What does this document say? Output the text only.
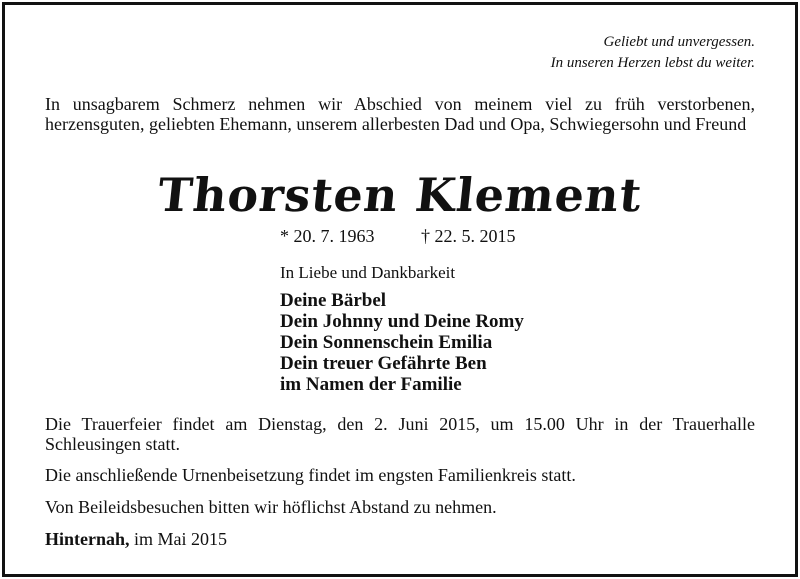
Geliebt und unvergessen.
In unseren Herzen lebst du weiter.
In unsagbarem Schmerz nehmen wir Abschied von meinem viel zu früh verstorbenen, herzensguten, geliebten Ehemann, unserem allerbesten Dad und Opa, Schwiegersohn und Freund
Thorsten Klement
* 20. 7. 1963	† 22. 5. 2015
In Liebe und Dankbarkeit
Deine Bärbel
Dein Johnny und Deine Romy
Dein Sonnenschein Emilia
Dein treuer Gefährte Ben
im Namen der Familie
Die Trauerfeier findet am Dienstag, den 2. Juni 2015, um 15.00 Uhr in der Trauerhalle Schleusingen statt.
Die anschließende Urnenbeisetzung findet im engsten Familienkreis statt.
Von Beileidsbesuchen bitten wir höflichst Abstand zu nehmen.
Hinternah, im Mai 2015
